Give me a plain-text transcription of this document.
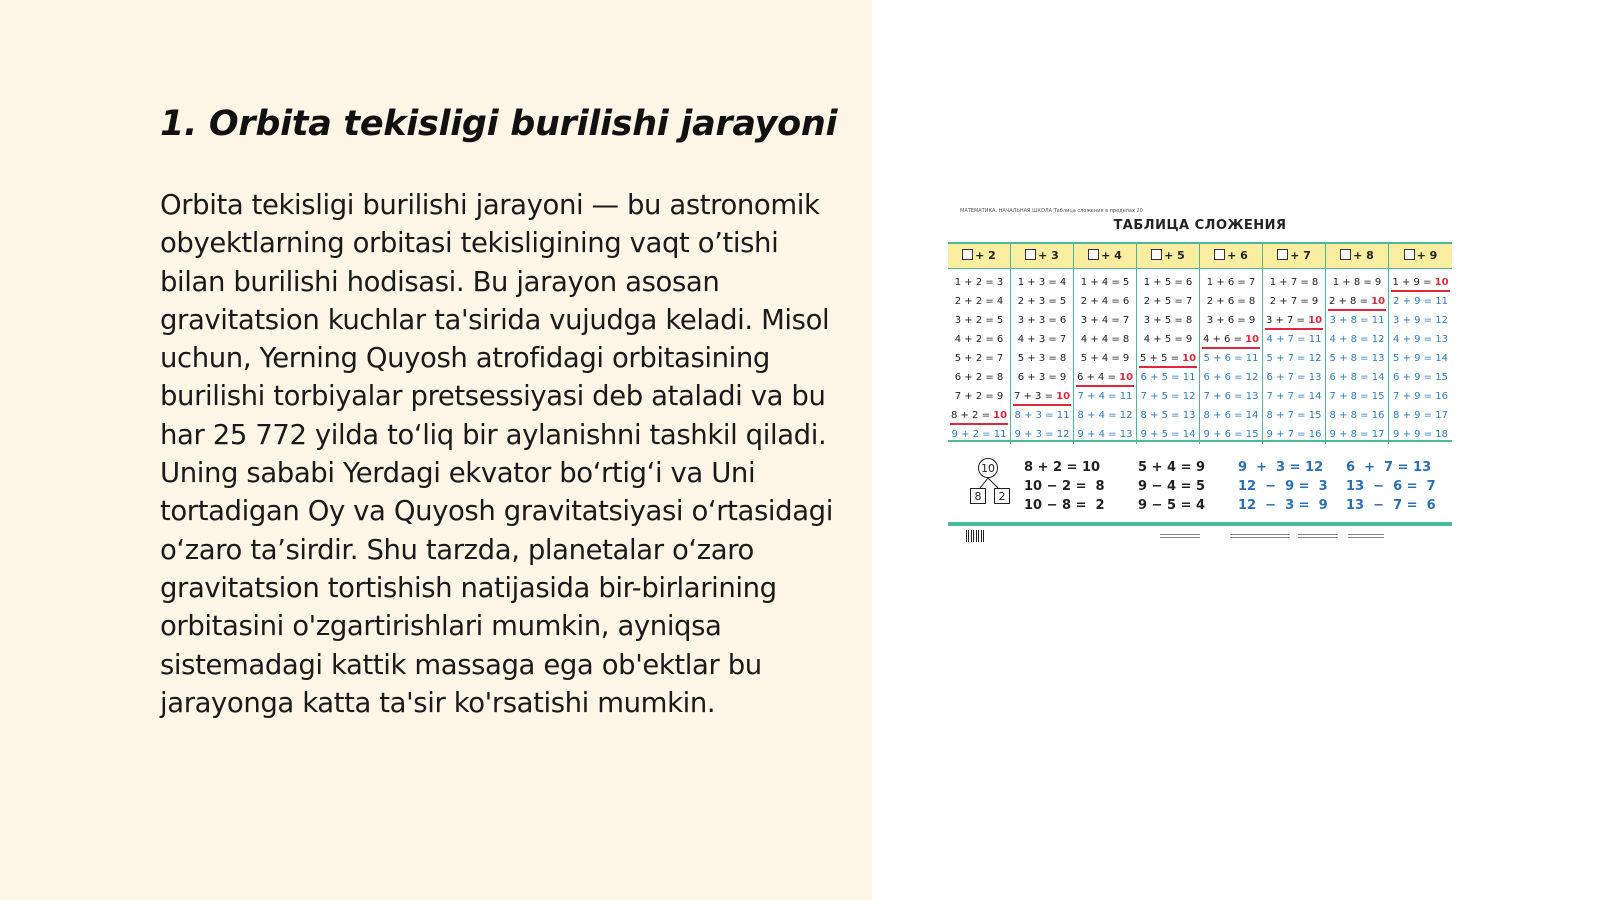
1. Orbita tekisligi burilishi jarayoni

Orbita tekisligi burilishi jarayoni — bu astronomik obyektlarning orbitasi tekisligining vaqt o’tishi bilan burilishi hodisasi. Bu jarayon asosan gravitatsion kuchlar ta'sirida vujudga keladi. Misol uchun, Yerning Quyosh atrofidagi orbitasining burilishi torbiyalar pretsessiyasi deb ataladi va bu har 25 772 yilda to‘liq bir aylanishni tashkil qiladi. Uning sababi Yerdagi ekvator bo‘rtig‘i va Uni tortadigan Oy va Quyosh gravitatsiyasi o‘rtasidagi o‘zaro ta’sirdir. Shu tarzda, planetalar o‘zaro gravitatsion tortishish natijasida bir-birlarining orbitasini o'zgartirishlari mumkin, ayniqsa sistemadagi kattik massaga ega ob'ektlar bu jarayonga katta ta'sir ko'rsatishi mumkin.

МАТЕМАТИКА. НАЧАЛЬНАЯ ШКОЛА Таблица сложения в пределах 20
ТАБЛИЦА СЛОЖЕНИЯ
+ 2
1 + 2 = 3
2 + 2 = 4
3 + 2 = 5
4 + 2 = 6
5 + 2 = 7
6 + 2 = 8
7 + 2 = 9
8 + 2 = 10
9 + 2 = 11
+ 3
1 + 3 = 4
2 + 3 = 5
3 + 3 = 6
4 + 3 = 7
5 + 3 = 8
6 + 3 = 9
7 + 3 = 10
8 + 3 = 11
9 + 3 = 12
+ 4
1 + 4 = 5
2 + 4 = 6
3 + 4 = 7
4 + 4 = 8
5 + 4 = 9
6 + 4 = 10
7 + 4 = 11
8 + 4 = 12
9 + 4 = 13
+ 5
1 + 5 = 6
2 + 5 = 7
3 + 5 = 8
4 + 5 = 9
5 + 5 = 10
6 + 5 = 11
7 + 5 = 12
8 + 5 = 13
9 + 5 = 14
+ 6
1 + 6 = 7
2 + 6 = 8
3 + 6 = 9
4 + 6 = 10
5 + 6 = 11
6 + 6 = 12
7 + 6 = 13
8 + 6 = 14
9 + 6 = 15
+ 7
1 + 7 = 8
2 + 7 = 9
3 + 7 = 10
4 + 7 = 11
5 + 7 = 12
6 + 7 = 13
7 + 7 = 14
8 + 7 = 15
9 + 7 = 16
+ 8
1 + 8 = 9
2 + 8 = 10
3 + 8 = 11
4 + 8 = 12
5 + 8 = 13
6 + 8 = 14
7 + 8 = 15
8 + 8 = 16
9 + 8 = 17
+ 9
1 + 9 = 10
2 + 9 = 11
3 + 9 = 12
4 + 9 = 13
5 + 9 = 14
6 + 9 = 15
7 + 9 = 16
8 + 9 = 17
9 + 9 = 18
10
8	2
8 + 2 = 10
10 − 2 =  8
10 − 8 =  2
5 + 4 = 9
9 − 4 = 5
9 − 5 = 4
9  +  3 = 12
12  −  9 =  3
12  −  3 =  9
6  +  7 = 13
13  −  6 =  7
13  −  7 =  6
